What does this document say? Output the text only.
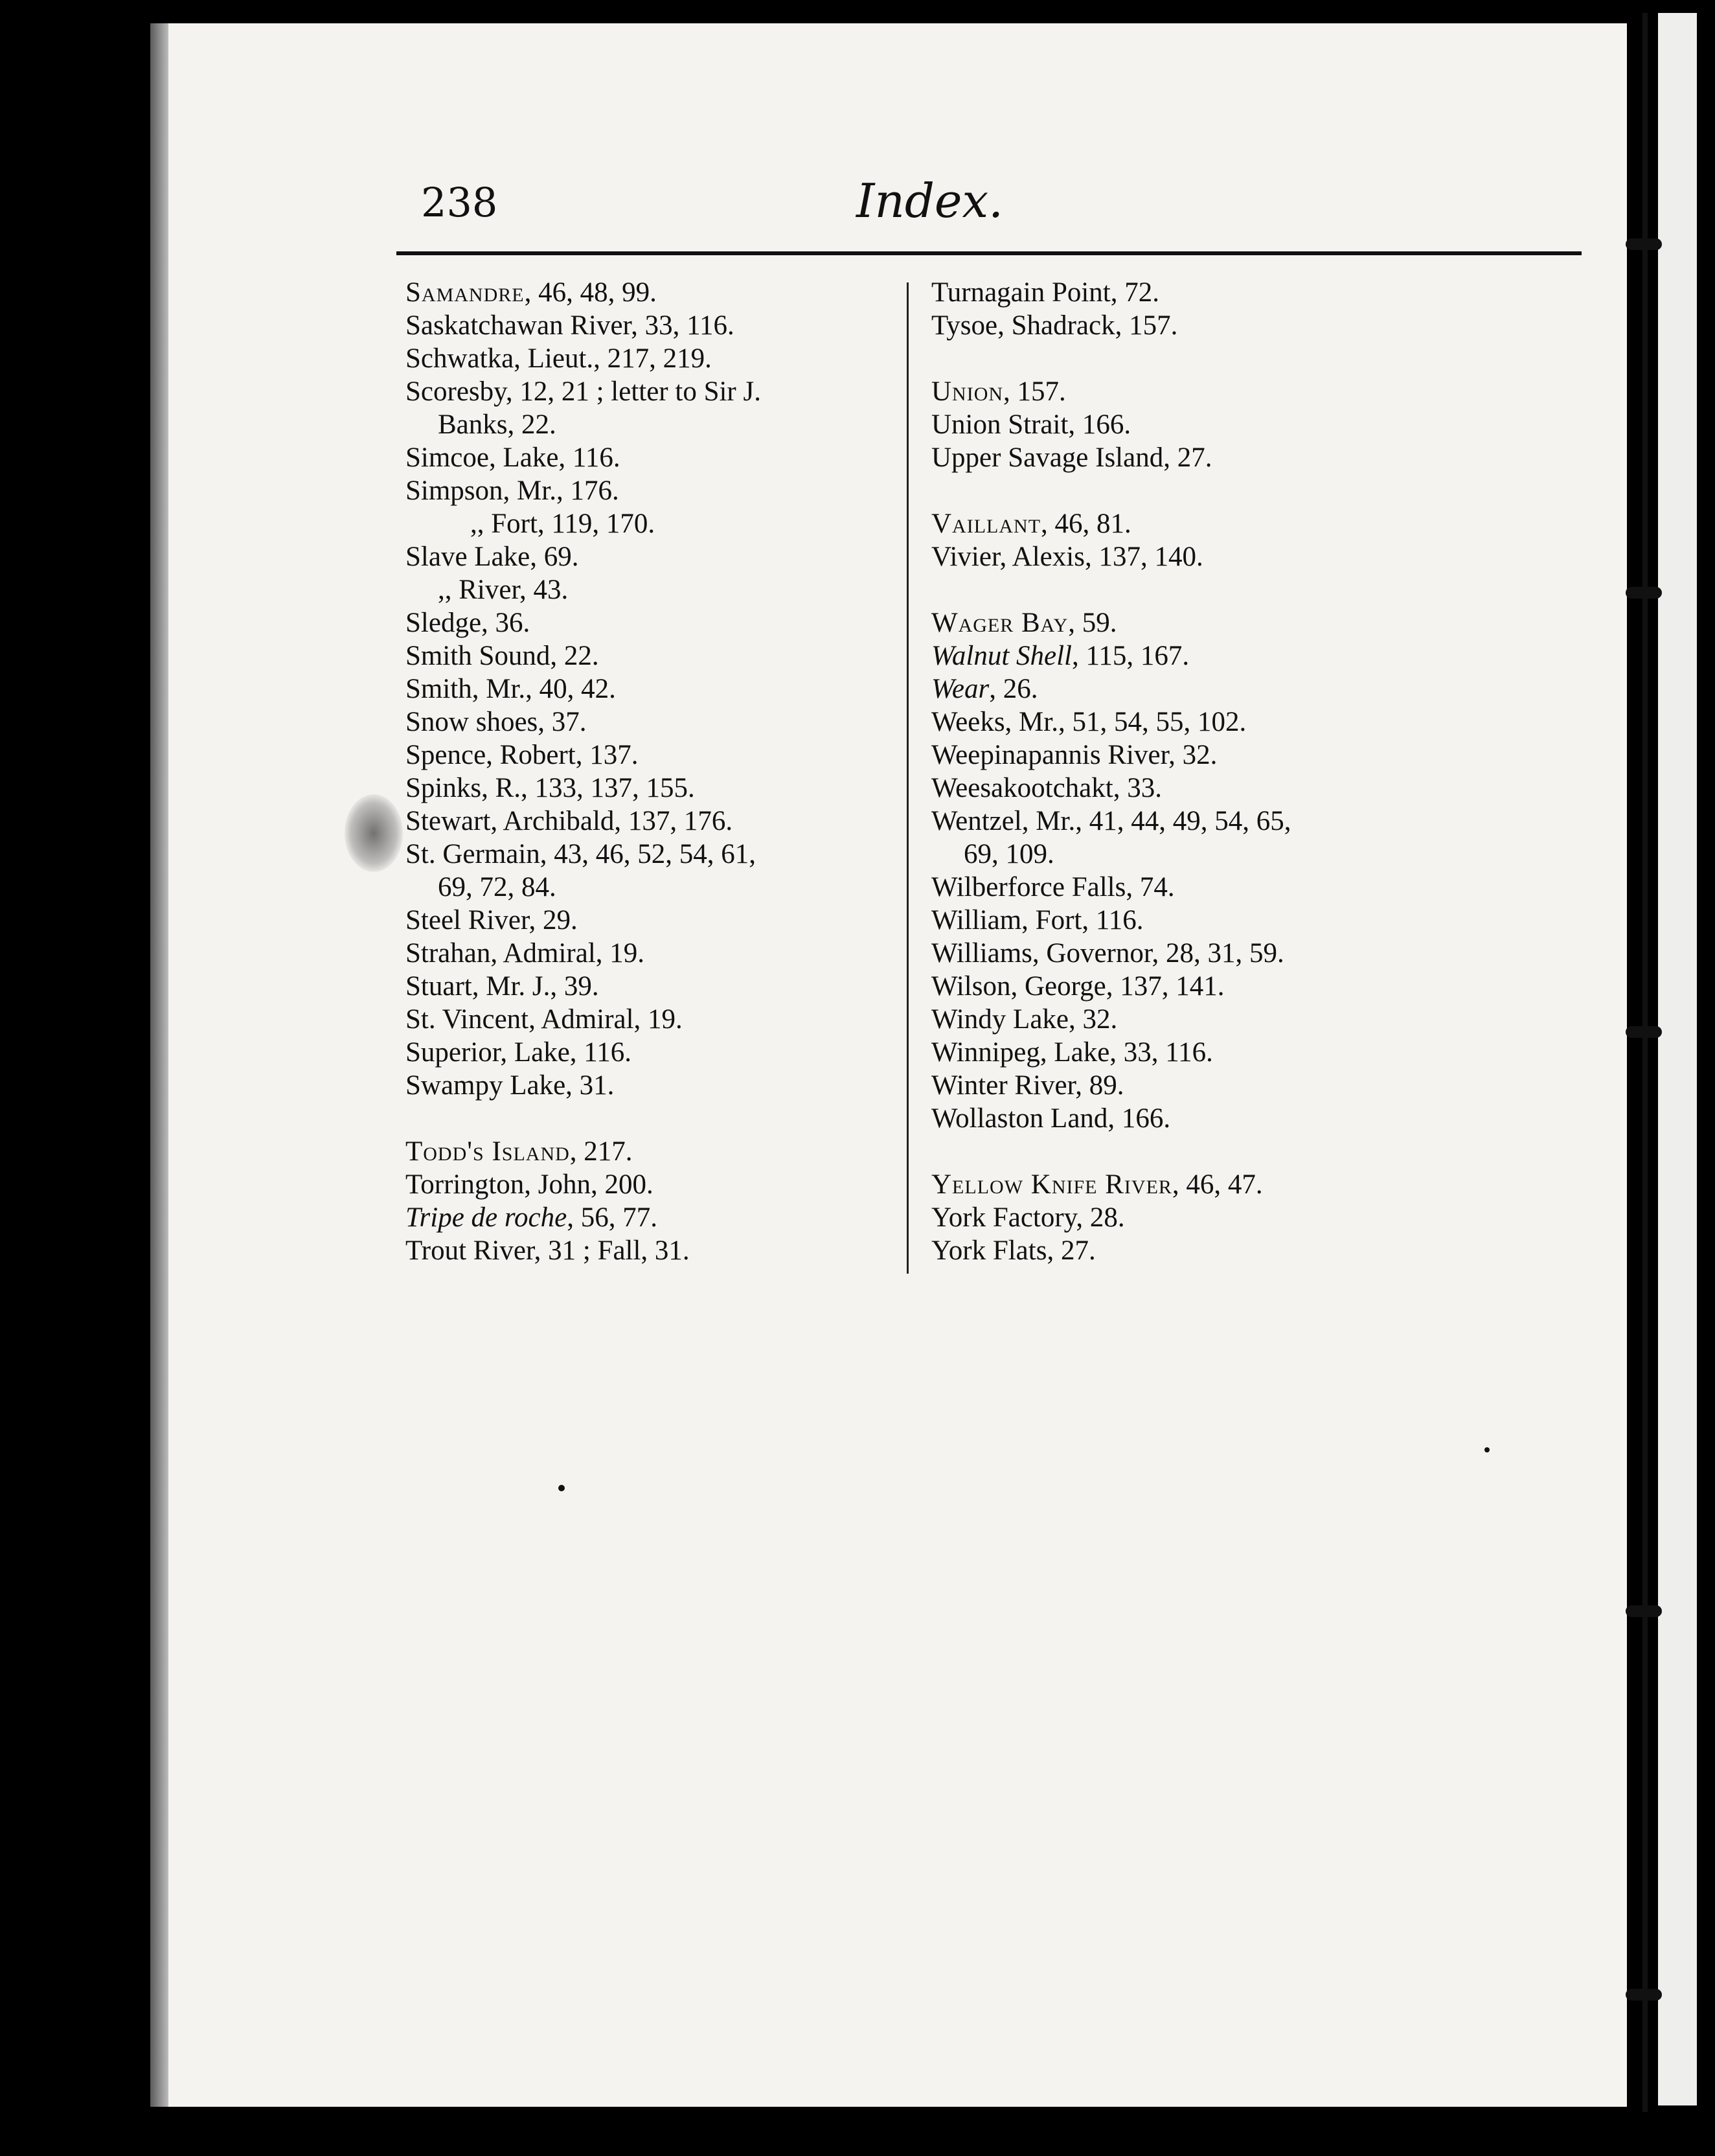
238	Index.
Samandre, 46, 48, 99.
Saskatchawan River, 33, 116.
Schwatka, Lieut., 217, 219.
Scoresby, 12, 21 ; letter to Sir J.
Banks, 22.
Simcoe, Lake, 116.
Simpson, Mr., 176.
,, Fort, 119, 170.
Slave Lake, 69.
,, River, 43.
Sledge, 36.
Smith Sound, 22.
Smith, Mr., 40, 42.
Snow shoes, 37.
Spence, Robert, 137.
Spinks, R., 133, 137, 155.
Stewart, Archibald, 137, 176.
St. Germain, 43, 46, 52, 54, 61,
69, 72, 84.
Steel River, 29.
Strahan, Admiral, 19.
Stuart, Mr. J., 39.
St. Vincent, Admiral, 19.
Superior, Lake, 116.
Swampy Lake, 31.
Todd's Island, 217.
Torrington, John, 200.
Tripe de roche, 56, 77.
Trout River, 31 ; Fall, 31.
Turnagain Point, 72.
Tysoe, Shadrack, 157.
Union, 157.
Union Strait, 166.
Upper Savage Island, 27.
Vaillant, 46, 81.
Vivier, Alexis, 137, 140.
Wager Bay, 59.
Walnut Shell, 115, 167.
Wear, 26.
Weeks, Mr., 51, 54, 55, 102.
Weepinapannis River, 32.
Weesakootchakt, 33.
Wentzel, Mr., 41, 44, 49, 54, 65,
69, 109.
Wilberforce Falls, 74.
William, Fort, 116.
Williams, Governor, 28, 31, 59.
Wilson, George, 137, 141.
Windy Lake, 32.
Winnipeg, Lake, 33, 116.
Winter River, 89.
Wollaston Land, 166.
Yellow Knife River, 46, 47.
York Factory, 28.
York Flats, 27.
